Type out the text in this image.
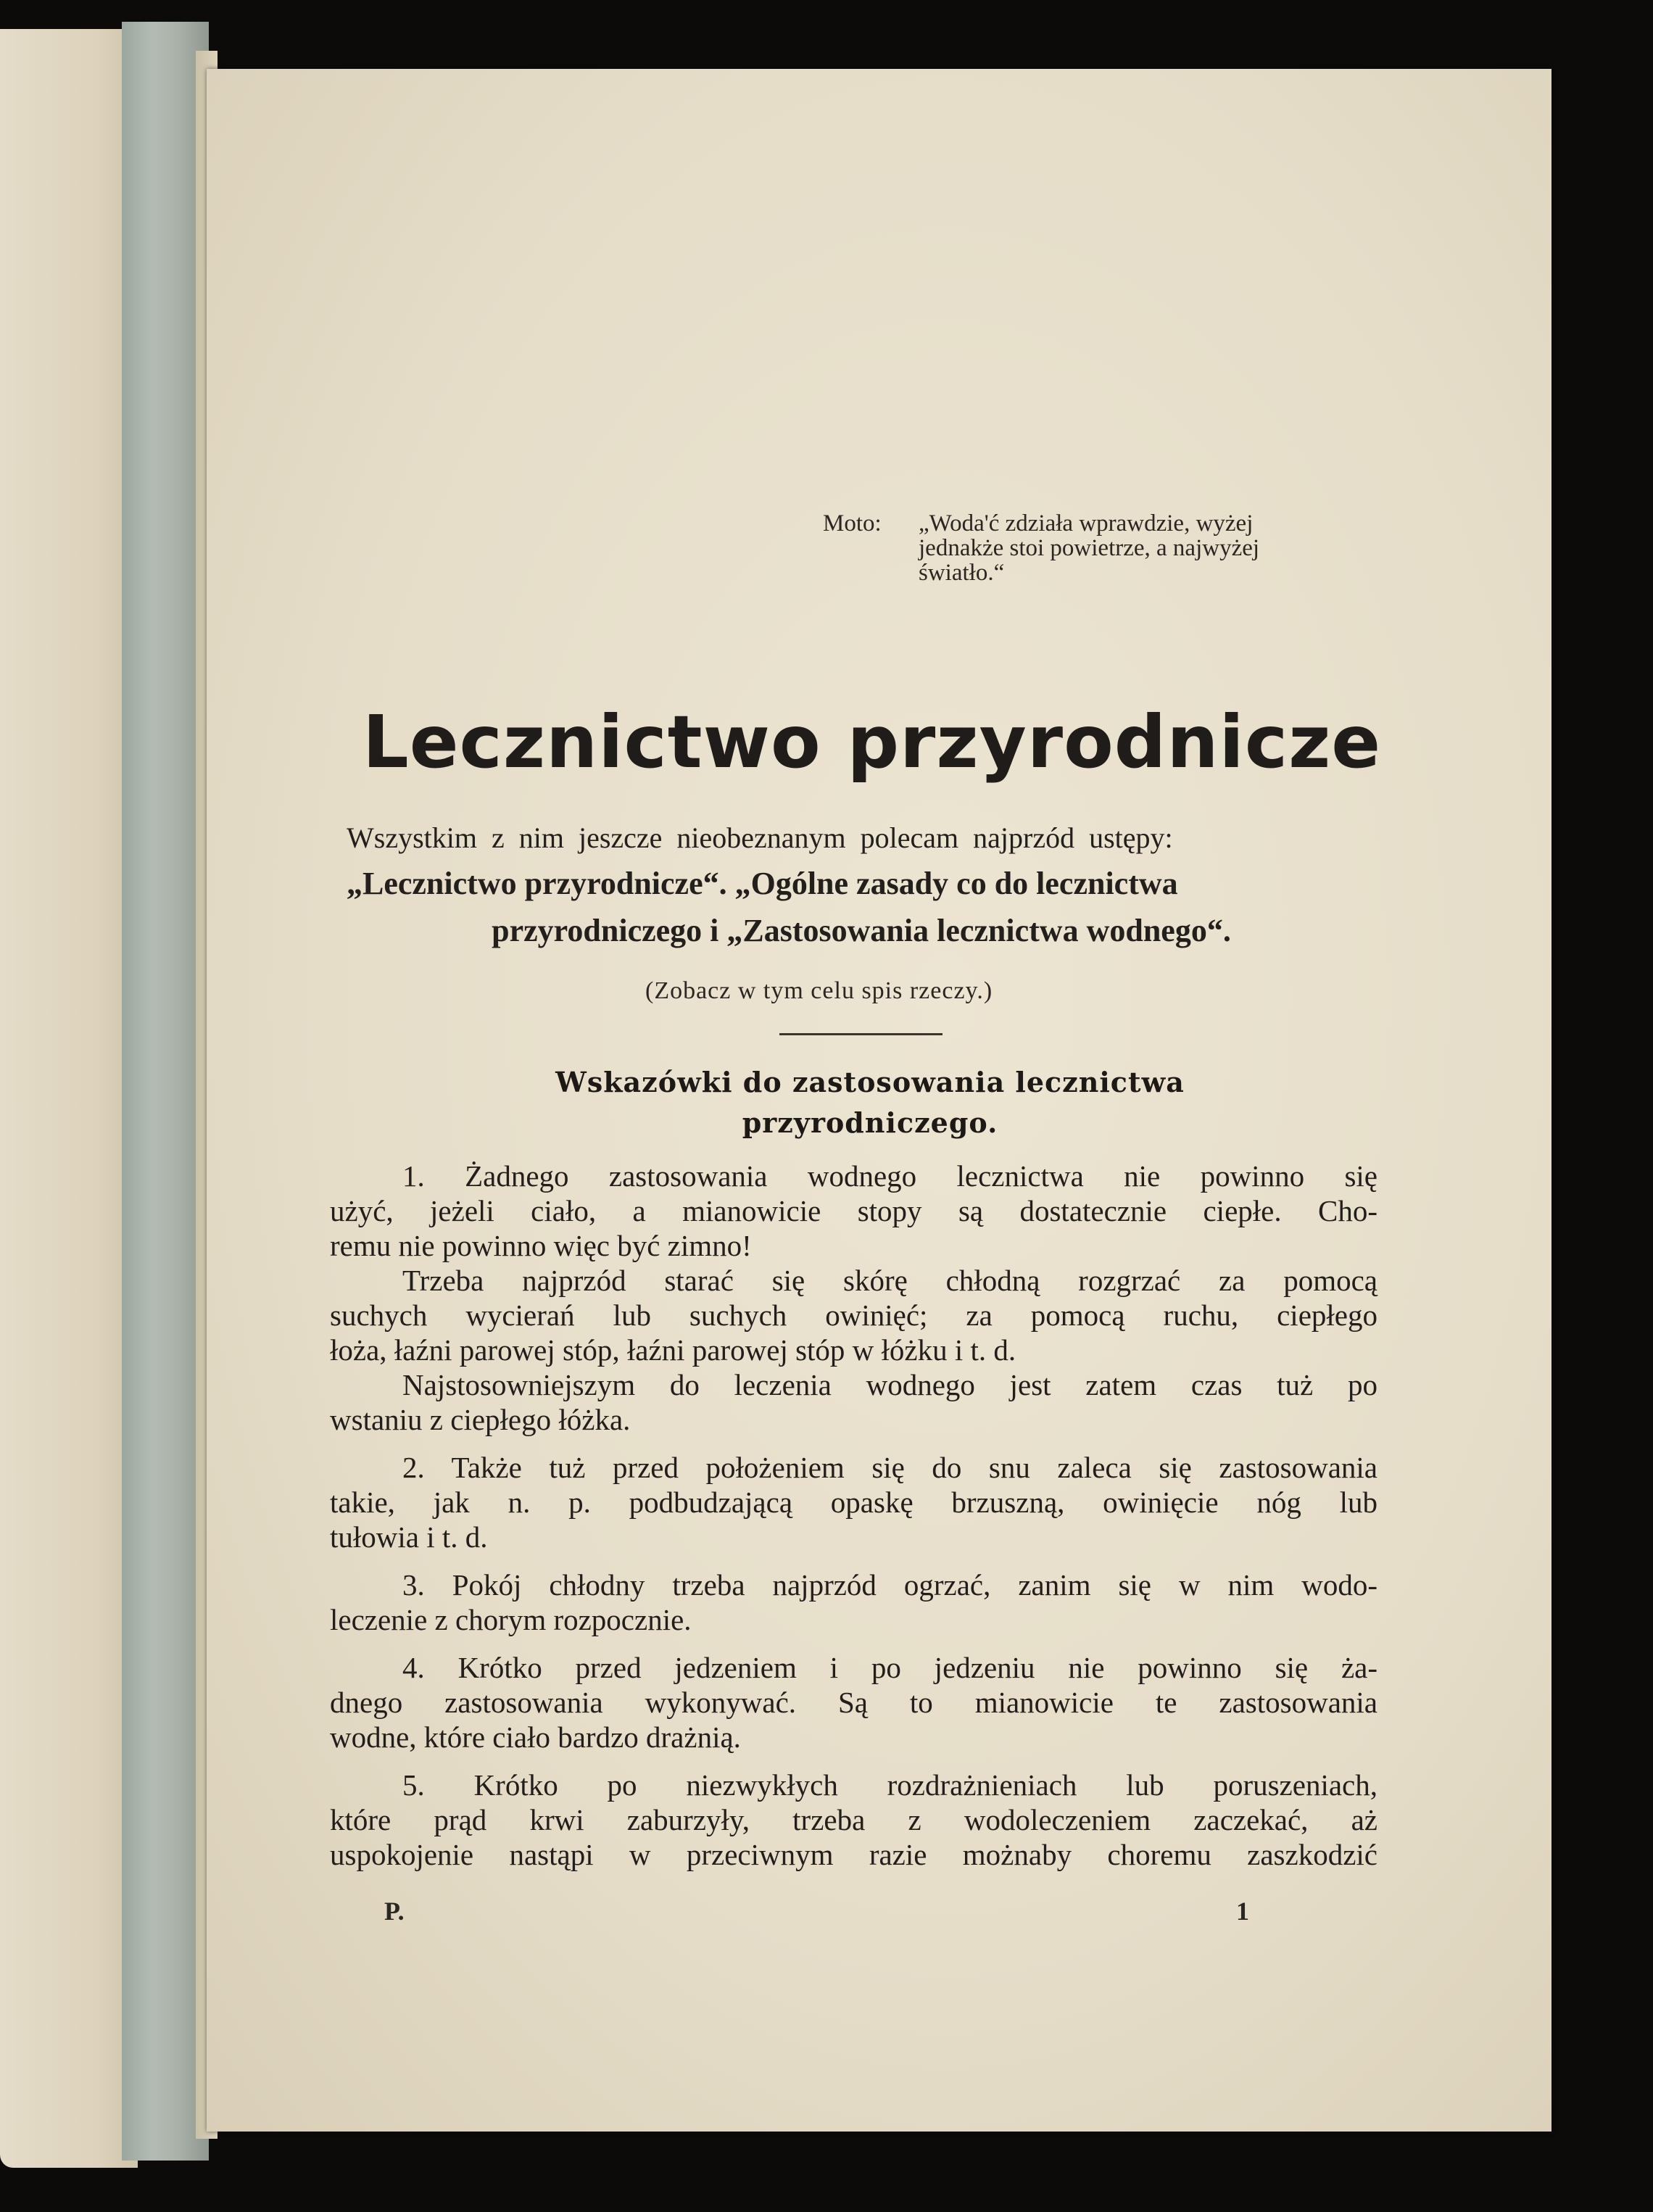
Moto: „Woda'ć zdziała wprawdzie, wyżej
jednakże stoi powietrze, a najwyżej
światło.“
Lecznictwo przyrodnicze
Wszystkim z nim jeszcze nieobeznanym polecam najprzód ustępy:
„Lecznictwo przyrodnicze“. „Ogólne zasady co do lecznictwa
przyrodniczego i „Zastosowania lecznictwa wodnego“.
(Zobacz w tym celu spis rzeczy.)
Wskazówki do zastosowania lecznictwa
przyrodniczego.
1. Żadnego zastosowania wodnego lecznictwa nie powinno się
użyć, jeżeli ciało, a mianowicie stopy są dostatecznie ciepłe. Cho-
remu nie powinno więc być zimno!
Trzeba najprzód starać się skórę chłodną rozgrzać za pomocą
suchych wycierań lub suchych owinięć; za pomocą ruchu, ciepłego
łoża, łaźni parowej stóp, łaźni parowej stóp w łóżku i t. d.
Najstosowniejszym do leczenia wodnego jest zatem czas tuż po
wstaniu z ciepłego łóżka.
2. Także tuż przed położeniem się do snu zaleca się zastosowania
takie, jak n. p. podbudzającą opaskę brzuszną, owinięcie nóg lub
tułowia i t. d.
3. Pokój chłodny trzeba najprzód ogrzać, zanim się w nim wodo-
leczenie z chorym rozpocznie.
4. Krótko przed jedzeniem i po jedzeniu nie powinno się ża-
dnego zastosowania wykonywać. Są to mianowicie te zastosowania
wodne, które ciało bardzo drażnią.
5. Krótko po niezwykłych rozdrażnieniach lub poruszeniach,
które prąd krwi zaburzyły, trzeba z wodoleczeniem zaczekać, aż
uspokojenie nastąpi w przeciwnym razie możnaby choremu zaszkodzić
P.	1
